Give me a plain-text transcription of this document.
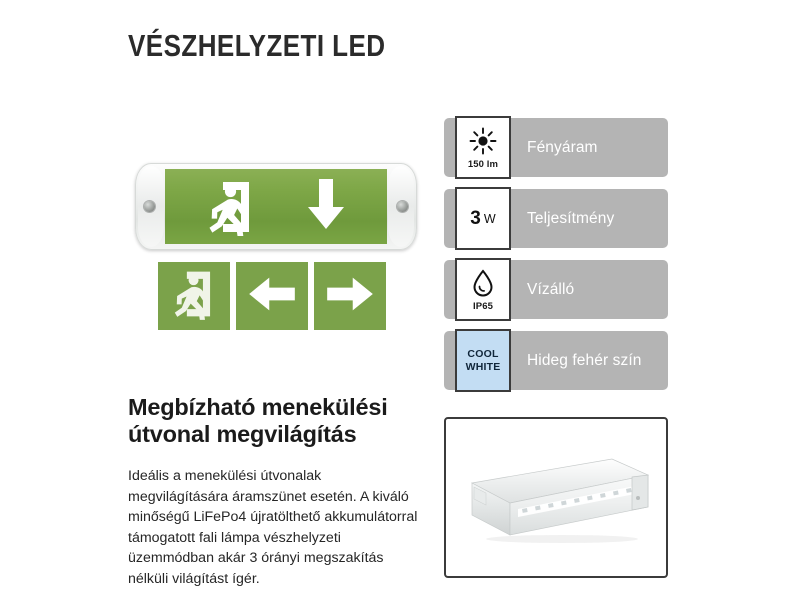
VÉSZHELYZETI LED
Megbízható menekülési útvonal megvilágítás
Ideális a menekülési útvonalak megvilágítására áramszünet esetén. A kiváló minőségű LiFePo4 újratölthető akkumulátorral támogatott fali lámpa vészhelyzeti üzemmódban akár 3 órányi megszakítás nélküli világítást ígér.
150 lm
Fényáram
3 W Teljesítmény
IP65
Vízálló
COOL
WHITE Hideg fehér szín
